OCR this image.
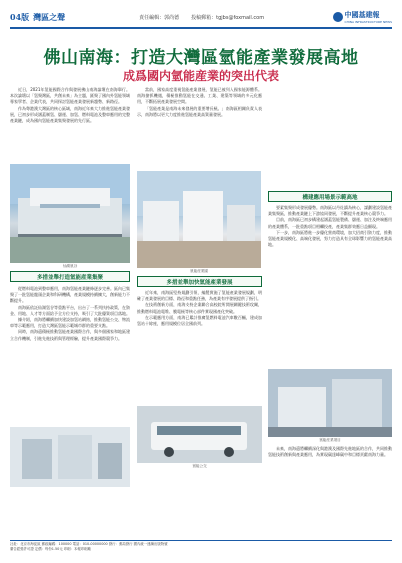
04版 灣區之聲	責任編輯：郭尚德 投稿郵箱：tgjbs@foxmail.com	中國基建報
CHINA INFRASTRUCTURE NEWS
佛山南海：打造大灣區氫能產業發展高地
成爲國内氫能産業的突出代表

近日，2021年氫能國際合作與發展佛山南海論壇在南海舉行。本次論壇以「氫聚灣區，共創未來」為主題，匯聚了國內外氫能領域專家學者、企業代表，共同探討氫能產業發展新趨勢、新路徑。

作為粵港澳大灣區的核心區域，南海近年來大力推進氫能產業發展，已初步形成涵蓋制氫、儲運、加氫、燃料電池及整車應用的完整產業鏈，成為國內氫能產業集聚發展的先行區。

仙湖氫谷
多措並舉打造氫能産業集聚

從燃料電池到整車應用，南海氫能產業鏈條逐步完善。區內已集聚了一批氫能龍頭企業和科研機構，產業規模持續擴大，創新能力不斷提升。

南海區依託仙湖氫谷等重點平台，出台了一系列扶持政策，在資金、用地、人才等方面給予全方位支持，吸引了大批優質項目落地。

據介紹，南海將繼續加快建設加氫站網絡，推動氫能公交、物流車等示範應用，打造大灣區氫能示範城市群的重要支點。

同時，南海還積極推動氫能產業國際合作，與多個國家和地區建立合作機制，引進先進技術與管理經驗，提升產業國際競爭力。

當前，國家高度重視氫能產業發展，氫能已被列入國家能源體系。南海搶抓機遇，積極推動氫能在交通、工業、建築等領域的多元化應用，不斷拓展產業發展空間。

「氫能產業是南海未來發展的重要增長極。」南海區相關負責人表示，南海將以更大力度推進氫能產業高質量發展。

氫能産業園
多措並舉加快氫能產業發展

近年來，南海區堅持規劃引領，編製實施了氫能產業發展規劃，明確了產業發展的目標、路徑和重點任務，為產業有序發展提供了指引。

在技術創新方面，南海支持企業聯合高校院所開展關鍵技術攻關，推動燃料電池電堆、膜電極等核心部件實現國產化突破。

在示範應用方面，南海已累計推廣氫燃料電池汽車數百輛，建成加氫站十餘座，應用規模位居全國前列。

氫能公交
構建應用場景示範高地

要素集聚形成發展優勢。南海區以丹灶鎮為核心，謀劃建設氫能產業集聚區，推動產業鏈上下游協同發展，不斷提升產業核心競爭力。

目前，南海區已初步構建起涵蓋氫能製備、儲運、加注及終端應用的產業體系，一批重點項目相繼投產，產業集群效應日益顯現。

下一步，南海區將進一步優化營商環境，加大招商引資力度，推動氫能產業規模化、高端化發展，努力打造具有全球影響力的氫能產業高地。

氫能産業項目

未來，南海還將繼續深化與港澳及國際先進地區的合作，共同推動氫能技術創新與產業應用，為實現碳達峰碳中和目標貢獻南海力量。

社址：北京市海淀區 郵政編碼：100000 電話：010-00000000 發行：郵局發行 國內統一連續出版物號
廣告經營許可證 定價：每份1.50元 印刷：本報印刷廠
